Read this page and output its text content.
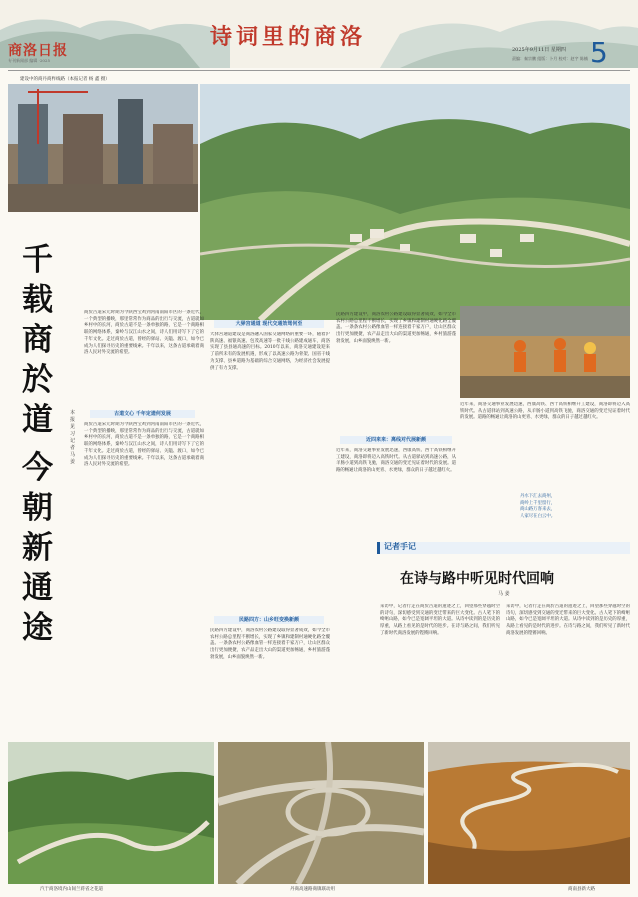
商洛日报
专刊新闻部 编辑 ·2025
诗词里的商洛	2025年9月11日 星期四
责编：秦宗鹏 组版：卜月 校对：赵宇 陈楠 5
建设中的商丹商柞线路（本报记者 杨 鑫 摄）
千载商於道
今朝新通途
本报见习记者 马 姜
商於古道宋元时期为今陕西宝鸡到河南南阳市区的一条近代，一个典型的播映，那里常常作为商品的出行与交流，古道就如乡村中的长河，商於古道不是一条单独的路，它是一个商路相联的网络体系，秦岭与汉江山水之间，诗人们用诗写下了它的千年文化。走过商於古道，曾经的驿站、关隘、渡口，如今已成为人们探寻历史的重要线索。千年以来，这条古道承载着商洛人民对外交流的希望。
古道文心 千年定遗何发展
商於古道宋元时期为今陕西宝鸡到河南南阳市区的一条近代，一个典型的播映，那里常常作为商品的出行与交流，古道就如乡村中的长河，商於古道不是一条单独的路，它是一个商路相联的网络体系，秦岭与汉江山水之间，诗人们用诗写下了它的千年文化。走过商於古道，曾经的驿站、关隘、渡口，如今已成为人们探寻历史的重要线索。千年以来，这条古道承载着商洛人民对外交流的希望。
大驿宫通道 现代交通效驾何至
大驿宫通道建设是商洛融入国家交通网络的重要一环，随着沪陕高速、福银高速、包茂高速等一批干线公路建成通车，商洛实现了县县通高速的目标。2010年以来，商洛交通建设迎来了前所未有的发展机遇，形成了以高速公路为骨架、国省干线为支撑、县乡道路为基础的综合交通网络，为经济社会发展提供了有力支撑。
民路四方：山乡旺变换新颜
民路四方建设中，商洛农村公路建设取得显著成效，如今全市农村公路总里程不断增长，实现了乡镇和建制村通硬化路全覆盖。一条条农村公路像血管一样连接着千家万户，让山区群众出行更加便捷，农产品走出大山的渠道更加畅通，乡村旅游蓬勃发展，山乡面貌焕然一新。
民路四方建设中，商洛农村公路建设取得显著成效，如今全市农村公路总里程不断增长，实现了乡镇和建制村通硬化路全覆盖。一条条农村公路像血管一样连接着千家万户，让山区群众出行更加便捷，农产品走出大山的渠道更加畅通，乡村旅游蓬勃发展，山乡面貌焕然一新。
近年来，商洛交通事业发展迅速，西康高铁、西十高铁相继开工建设，商洛即将迈入高铁时代。从古道驿站到高速公路，从羊肠小道到高铁飞驰，商洛交通的变迁见证着时代的发展。道路的畅通让商洛的山更青、水更绿，群众的日子越过越红火。
近四来来：离线对代展新颜
近年来，商洛交通事业发展迅速，西康高铁、西十高铁相继开工建设，商洛即将迈入高铁时代。从古道驿站到高速公路，从羊肠小道到高铁飞驰，商洛交通的变迁见证着时代的发展。道路的畅通让商洛的山更青、水更绿，群众的日子越过越红火。
记者手记
在诗与路中听见时代回响
马 姜
采访中，记者行走在商於古道的遗迹之上，回望那些穿越时空的诗句，深切感受到交通的变迁带来的巨大变化。古人笔下的崎岖山路，如今已是宽阔平坦的大道。从诗中读到的是历史的厚重，从路上看见的是时代的进步。在诗与路之间，我们听见了新时代商洛发展的铿锵回响。
采访中，记者行走在商於古道的遗迹之上，回望那些穿越时空的诗句，深切感受到交通的变迁带来的巨大变化。古人笔下的崎岖山路，如今已是宽阔平坦的大道。从诗中读到的是历史的厚重，从路上看见的是时代的进步。在诗与路之间，我们听见了新时代商洛发展的铿锵回响。
丹水下汇去商州，
商岭上千里留行，
商山路万客来去，
人家尽在白云中。
汽于商洛境内山间兰蒋省之花道	丹商高速路商镇联动用	商南县新大路
